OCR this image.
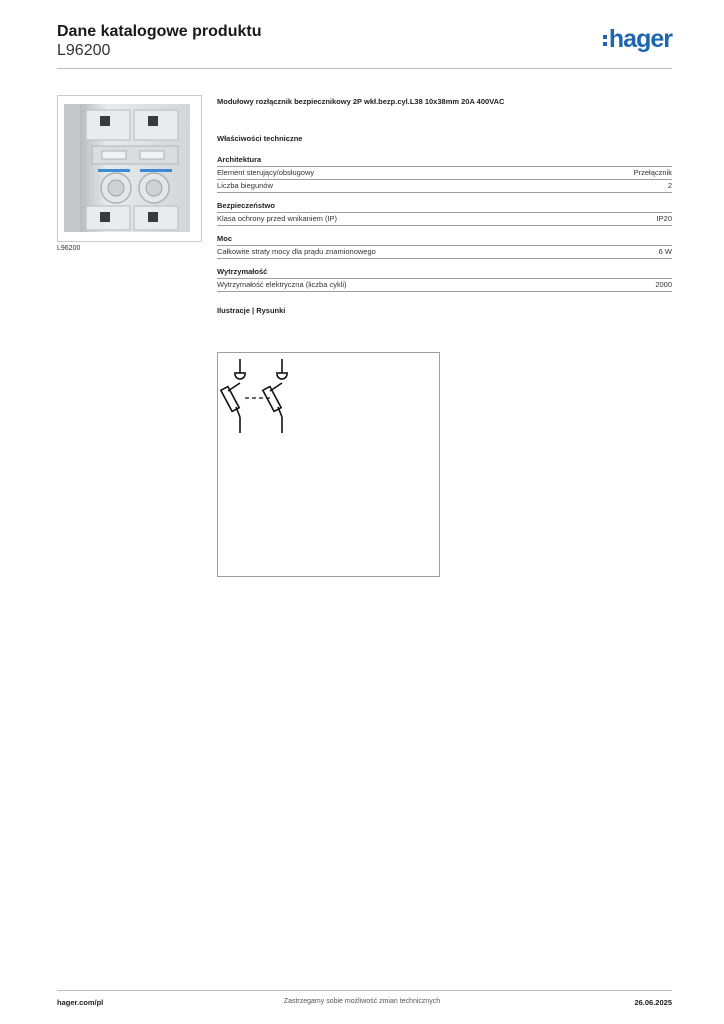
Dane katalogowe produktu
L96200	hager
L96200
Modułowy rozłącznik bezpiecznikowy 2P wkł.bezp.cyl.L38 10x38mm 20A 400VAC
Właściwości techniczne
Architektura
Element sterujący/obsługowy	Przełącznik
Liczba biegunów	2
Bezpieczeństwo
Klasa ochrony przed wnikaniem (IP)	IP20
Moc
Całkowite straty mocy dla prądu znamionowego	6 W
Wytrzymałość
Wytrzymałość elektryczna (liczba cykli)	2000
Ilustracje | Rysunki
hager.com/pl	Zastrzegamy sobie możliwość zmian technicznych	26.06.2025
